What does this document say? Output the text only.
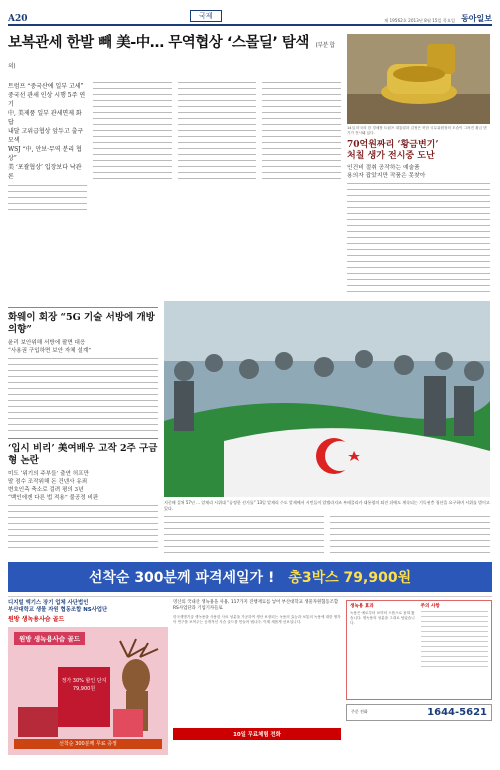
A20	국제
제 19562호 2013년 8월 15일 목요일 동아일보
보복관세 한발 빼 美-中… 무역협상 ‘스몰딜’ 탐색 (부분 합의)
트럼프 “중국산에 일부 고세”
중국선 관세 인상 시행 5주 연기
中, 美제품 일부 관세면제 화답
내달 고위급협상 앞두고 출구 모색
WSJ “中, 안보·무역 분리 협상”
美 ‘포괄협상’ 입장보다 낙관론
14일 미국의 한 경매장 트럼프 대통령과 김정은 북한 국무위원장의 모습이 그려진 황금 변기가 전시돼 있다.
70억원짜리 ‘황금변기’
처칠 생가 전시중 도난
인건비 절취 공작하는 예술품
용의자 잡았지만 작품은 못찾아
화웨이 회장 “5G 기술 서방에 개방 의향”
윤리 보안위해 서방에 팔면 대응
“사용권 구입하면 보안 자체 설계”
‘입시 비리’ 美여배우 고작 2주 구금형 논란
미도 ‘위기의 주부들’ 출연 허프만
딸 점수 조작위해 돈 건넨사 유죄
변호인측 축소로 걸려 평의 3년
“백인에겐 다른 법 적용” 불공정 비판
지중해 걸쳐 57년 … 알제리 시위대 “공정한 선거를” 13일 알제리 수도 알제에서 시민들이 압델라지즈 부테플리카 대통령의 퇴진 뒤에도 계속되는 기득권층 청산을 요구하며 시위를 벌이고 있다.
선착순 300분께 파격세일가 ! 총3박스 79,900원
디지털 엑기스 장기 업체 사단법인
부산대학교 생물 자원 협동조합 NS사업단
원방 생녹용사슴 골드
원방 생녹용사슴 골드
정가 30% 할인 단지 79,900원
선착순 300분께 무료 증정
영산의 국내산 생녹용을 사용, 117가지 진행재료를 넣어 부산대학교 생물자원협동조합 RS사업단과 기업기자들로
한국생명기술 생녹용을 사용한 사료 성분을 가공하여 생산 보장되는 녹용의 효능과 보통의 녹용에 대한 생각이 연구를 보여주는 공개적인 사슴 골드를 만들어 냅니다. 이제 새롭게 선보입니다.
10일 무료체험 전화
생녹용 효과
녹용은 예로부터 보약의 으뜸으로 꼽혀 왔습니다. 생녹용의 성분을 그대로 담았습니다.
주의 사항
주문 전화	1644-5621
